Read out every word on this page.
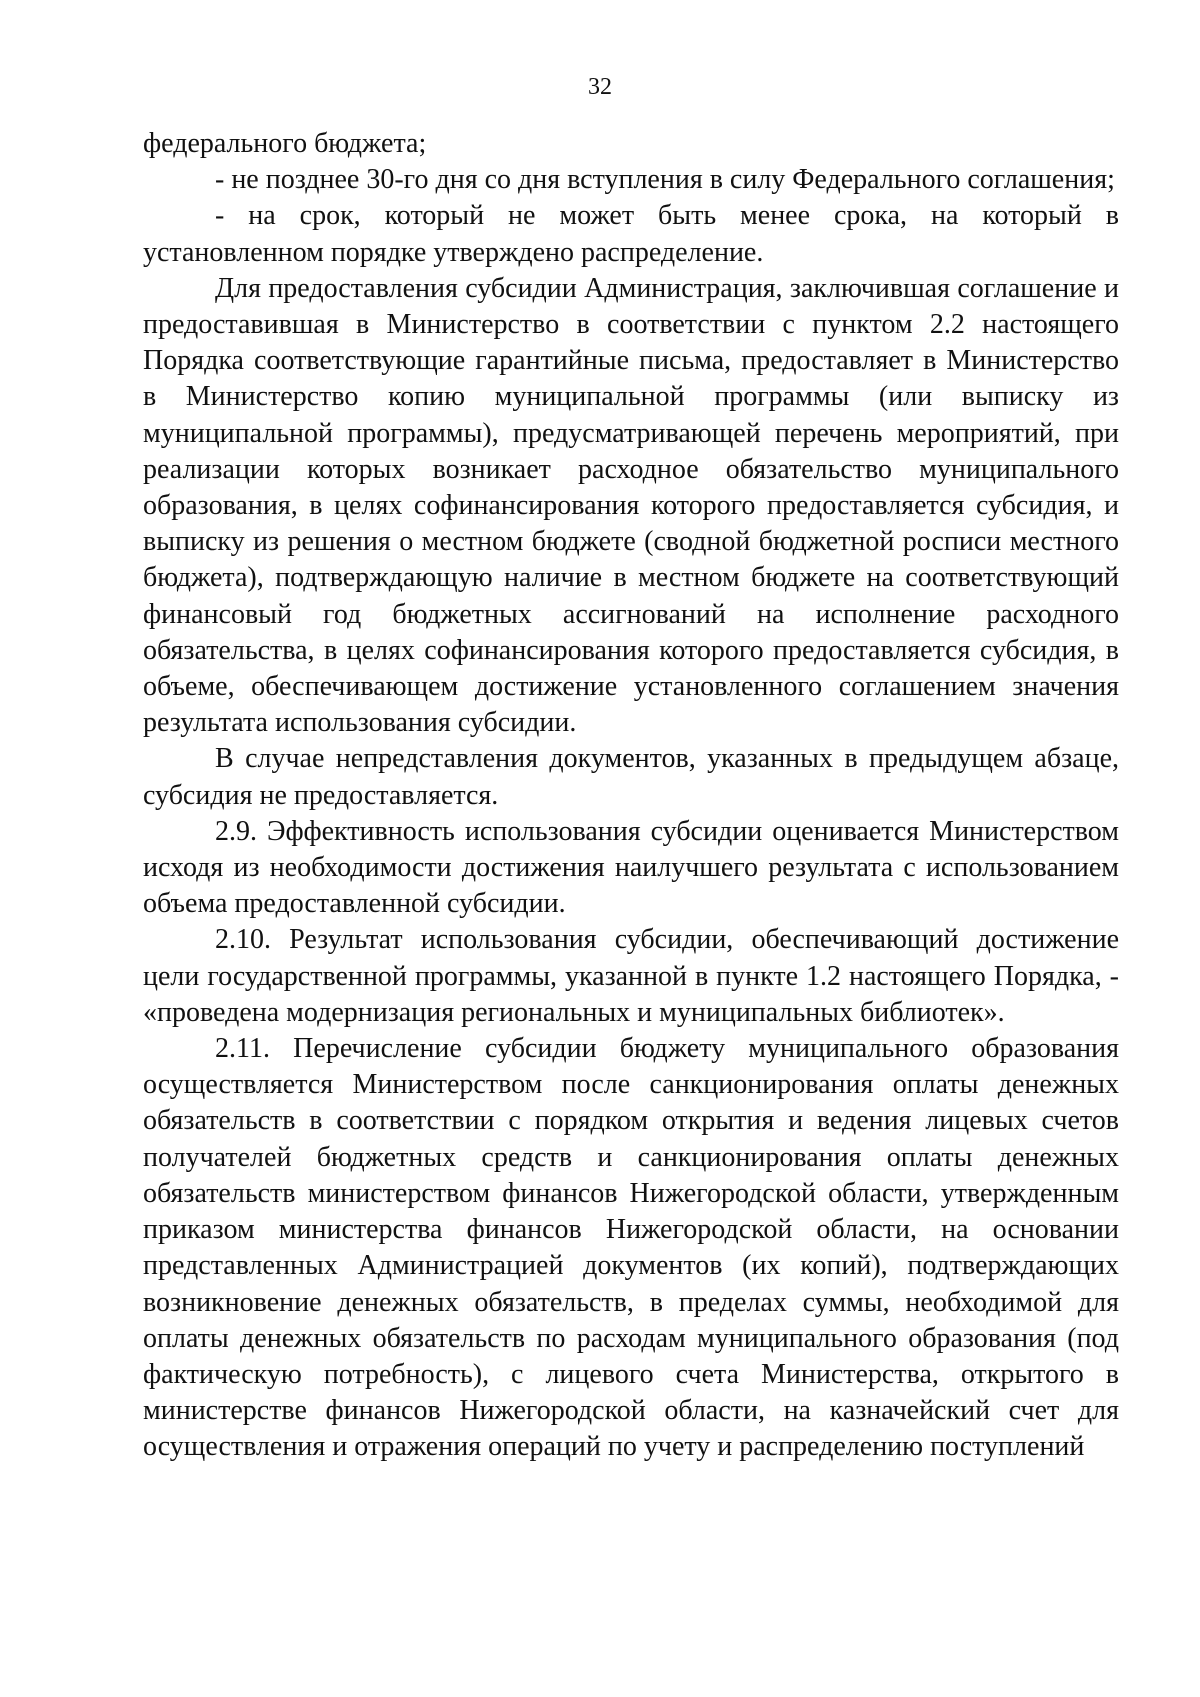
32

федерального бюджета;

- не позднее 30-го дня со дня вступления в силу Федерального соглашения;

- на срок, который не может быть менее срока, на который в установленном порядке утверждено распределение.

Для предоставления субсидии Администрация, заключившая соглашение и предоставившая в Министерство в соответствии с пунктом 2.2 настоящего Порядка соответствующие гарантийные письма, предоставляет в Министерство в Министерство копию муниципальной программы (или выписку из муниципальной программы), предусматривающей перечень мероприятий, при реализации которых возникает расходное обязательство муниципального образования, в целях софинансирования которого предоставляется субсидия, и выписку из решения о местном бюджете (сводной бюджетной росписи местного бюджета), подтверждающую наличие в местном бюджете на соответствующий финансовый год бюджетных ассигнований на исполнение расходного обязательства, в целях софинансирования которого предоставляется субсидия, в объеме, обеспечивающем достижение установленного соглашением значения результата использования субсидии.

В случае непредставления документов, указанных в предыдущем абзаце, субсидия не предоставляется.

2.9. Эффективность использования субсидии оценивается Министерством исходя из необходимости достижения наилучшего результата с использованием объема предоставленной субсидии.

2.10. Результат использования субсидии, обеспечивающий достижение цели государственной программы, указанной в пункте 1.2 настоящего Порядка, - «проведена модернизация региональных и муниципальных библиотек».

2.11. Перечисление субсидии бюджету муниципального образования осуществляется Министерством после санкционирования оплаты денежных обязательств в соответствии с порядком открытия и ведения лицевых счетов получателей бюджетных средств и санкционирования оплаты денежных обязательств министерством финансов Нижегородской области, утвержденным приказом министерства финансов Нижегородской области, на основании представленных Администрацией документов (их копий), подтверждающих возникновение денежных обязательств, в пределах суммы, необходимой для оплаты денежных обязательств по расходам муниципального образования (под фактическую потребность), с лицевого счета Министерства, открытого в министерстве финансов Нижегородской области, на казначейский счет для осуществления и отражения операций по учету и распределению поступлений
